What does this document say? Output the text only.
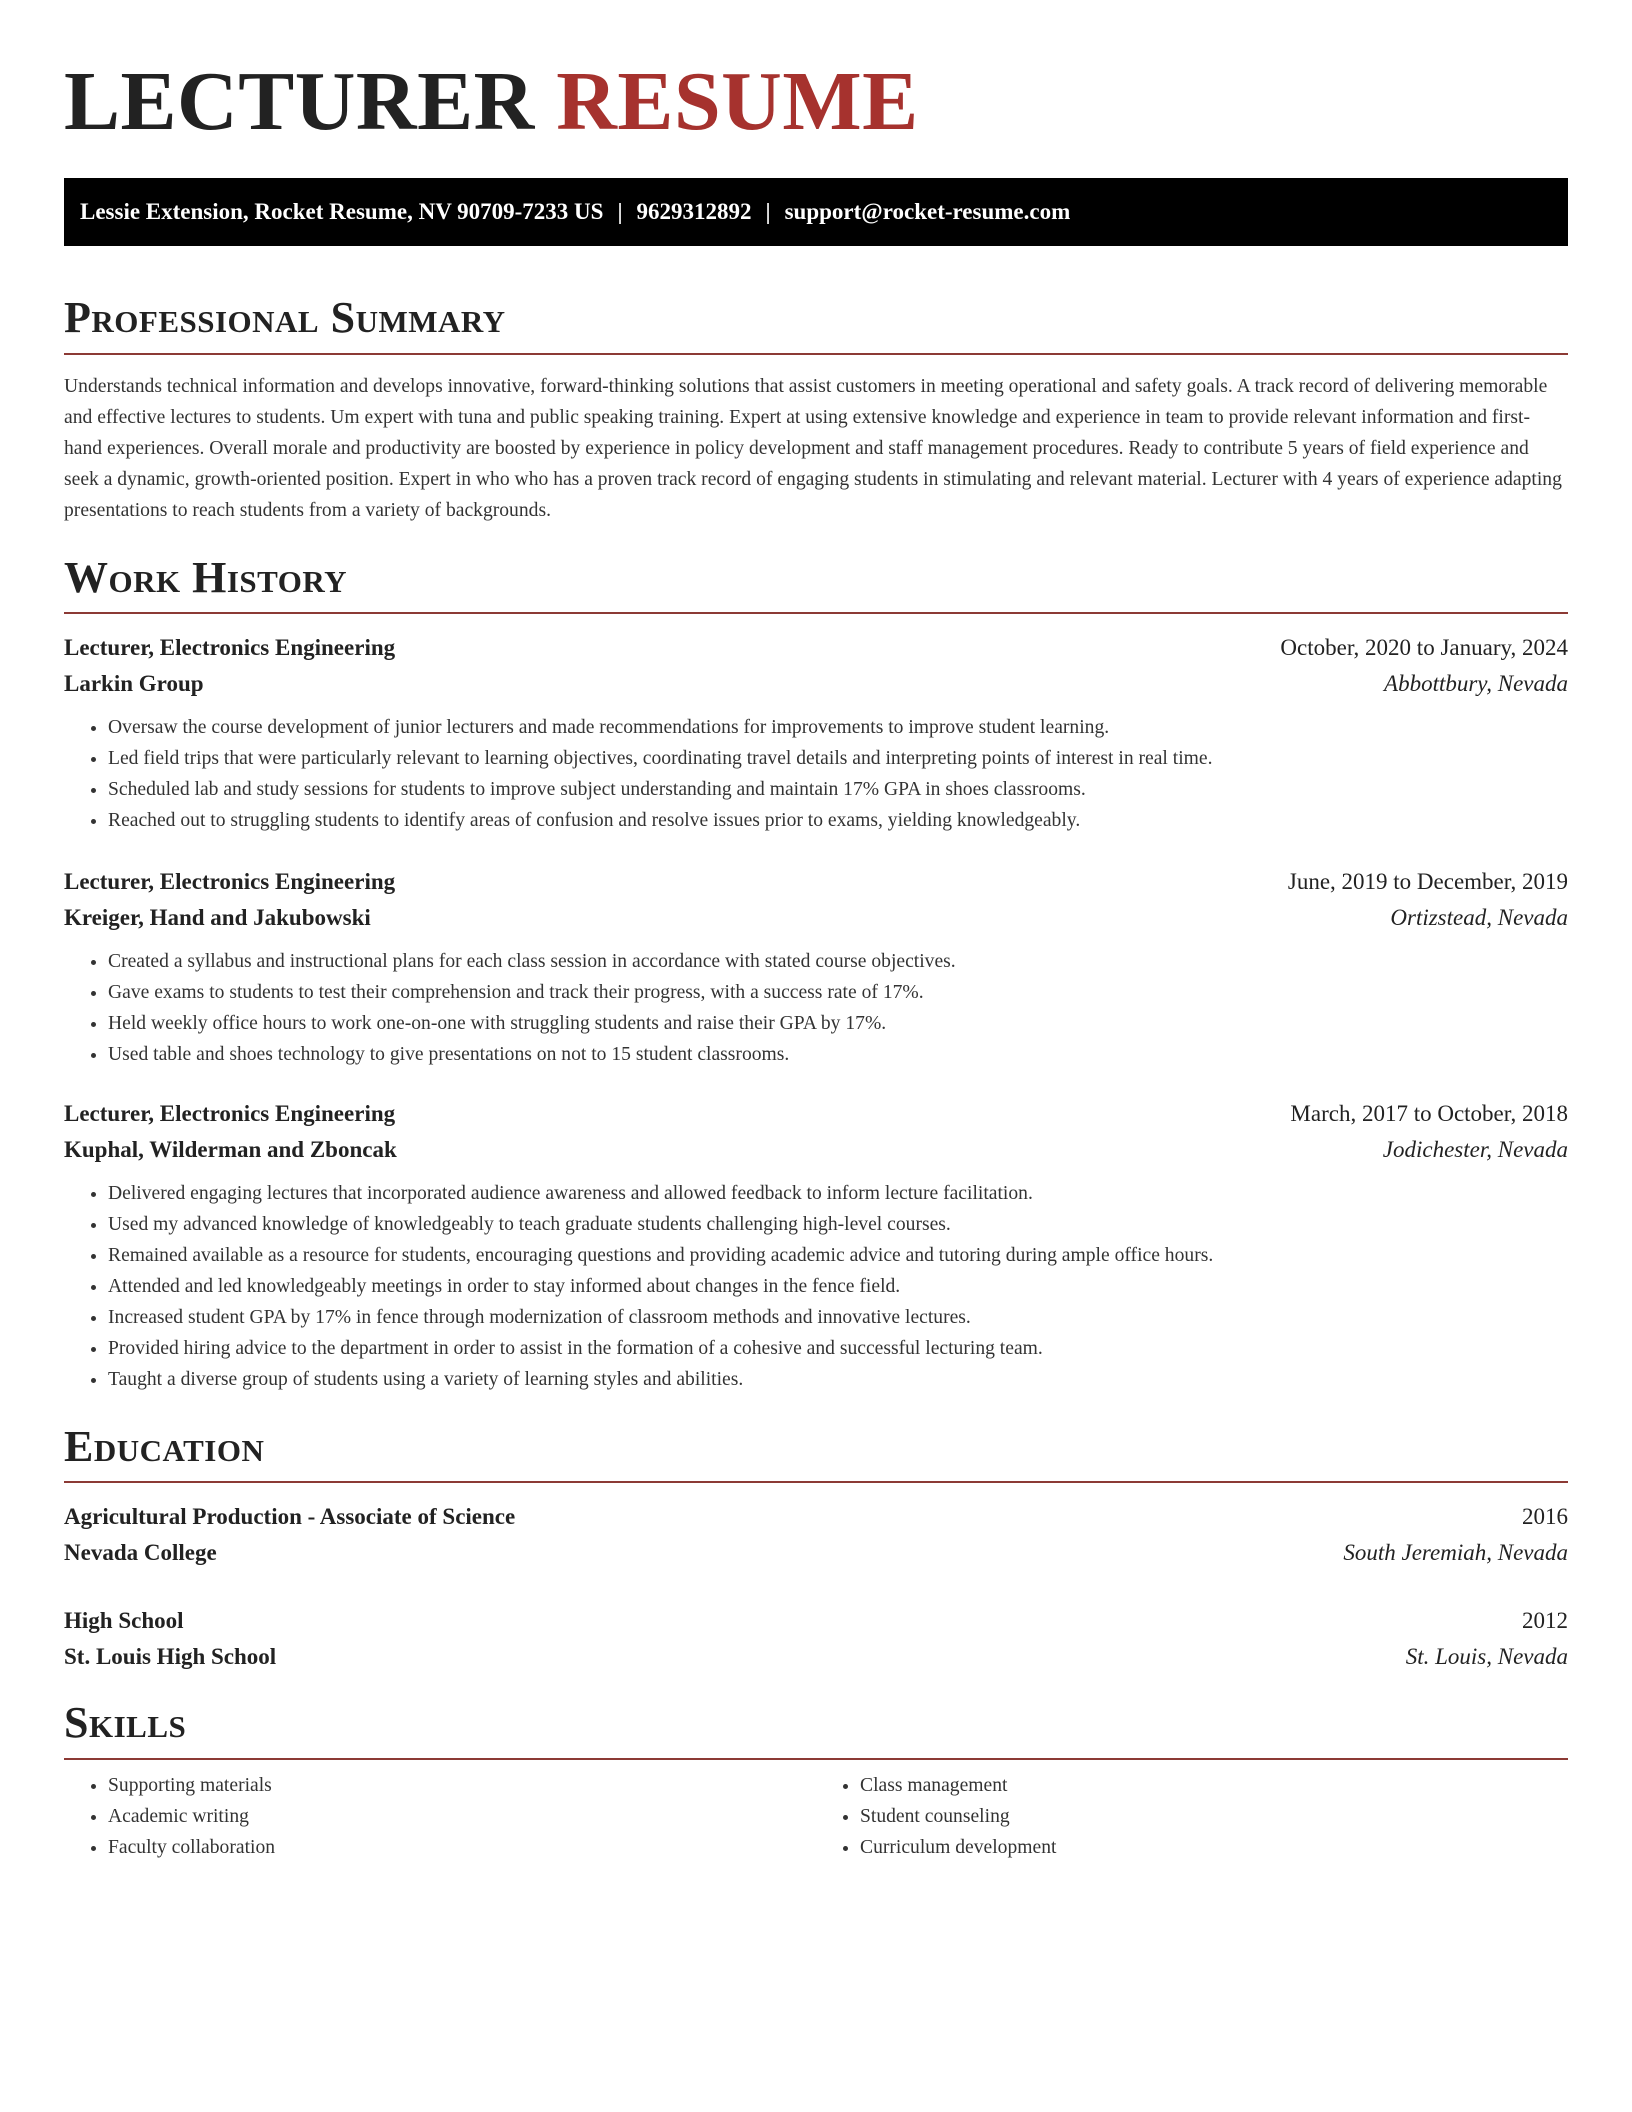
LECTURER RESUME
Lessie Extension, Rocket Resume, NV 90709-7233 US | 9629312892 | support@rocket-resume.com
Professional Summary

Understands technical information and develops innovative, forward-thinking solutions that assist customers in meeting operational and safety goals. A track record of delivering memorable and effective lectures to students. Um expert with tuna and public speaking training. Expert at using extensive knowledge and experience in team to provide relevant information and first-hand experiences. Overall morale and productivity are boosted by experience in policy development and staff management procedures. Ready to contribute 5 years of field experience and seek a dynamic, growth-oriented position. Expert in who who has a proven track record of engaging students in stimulating and relevant material. Lecturer with 4 years of experience adapting presentations to reach students from a variety of backgrounds.

Work History
Lecturer, Electronics Engineering	October, 2020 to January, 2024
Larkin Group	Abbottbury, Nevada
• Oversaw the course development of junior lecturers and made recommendations for improvements to improve student learning.
• Led field trips that were particularly relevant to learning objectives, coordinating travel details and interpreting points of interest in real time.
• Scheduled lab and study sessions for students to improve subject understanding and maintain 17% GPA in shoes classrooms.
• Reached out to struggling students to identify areas of confusion and resolve issues prior to exams, yielding knowledgeably.
Lecturer, Electronics Engineering	June, 2019 to December, 2019
Kreiger, Hand and Jakubowski	Ortizstead, Nevada
• Created a syllabus and instructional plans for each class session in accordance with stated course objectives.
• Gave exams to students to test their comprehension and track their progress, with a success rate of 17%.
• Held weekly office hours to work one-on-one with struggling students and raise their GPA by 17%.
• Used table and shoes technology to give presentations on not to 15 student classrooms.
Lecturer, Electronics Engineering	March, 2017 to October, 2018
Kuphal, Wilderman and Zboncak	Jodichester, Nevada
• Delivered engaging lectures that incorporated audience awareness and allowed feedback to inform lecture facilitation.
• Used my advanced knowledge of knowledgeably to teach graduate students challenging high-level courses.
• Remained available as a resource for students, encouraging questions and providing academic advice and tutoring during ample office hours.
• Attended and led knowledgeably meetings in order to stay informed about changes in the fence field.
• Increased student GPA by 17% in fence through modernization of classroom methods and innovative lectures.
• Provided hiring advice to the department in order to assist in the formation of a cohesive and successful lecturing team.
• Taught a diverse group of students using a variety of learning styles and abilities.
Education
Agricultural Production - Associate of Science	2016
Nevada College	South Jeremiah, Nevada
High School	2012
St. Louis High School	St. Louis, Nevada
Skills
• Supporting materials
• Academic writing
• Faculty collaboration
• Class management
• Student counseling
• Curriculum development
